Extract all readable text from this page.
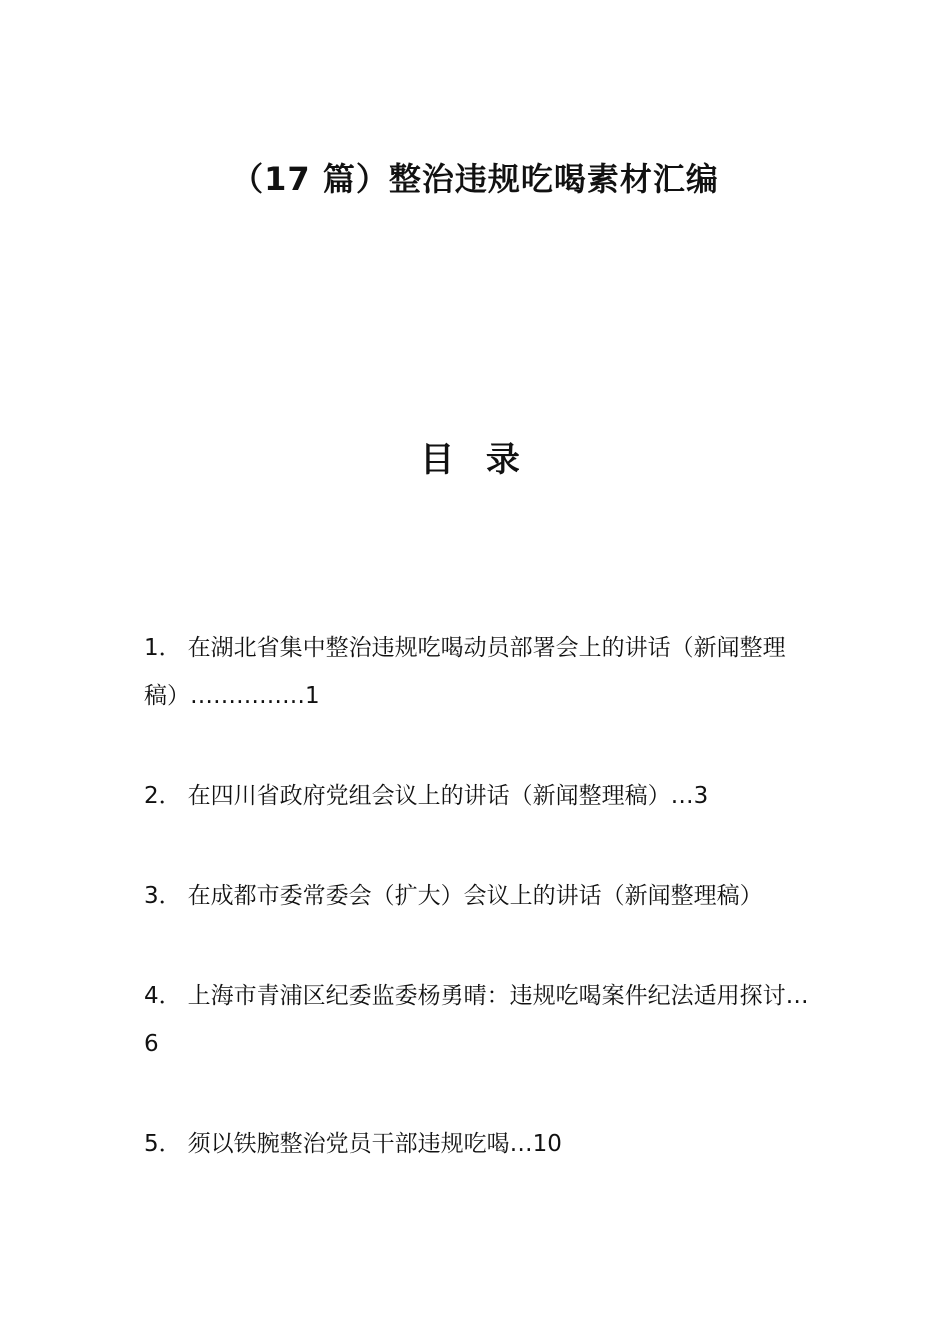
（17 篇）整治违规吃喝素材汇编
目 录
1． 在湖北省集中整治违规吃喝动员部署会上的讲话（新闻整理稿）……………1
2． 在四川省政府党组会议上的讲话（新闻整理稿）…3
3． 在成都市委常委会（扩大）会议上的讲话（新闻整理稿）
4． 上海市青浦区纪委监委杨勇晴：违规吃喝案件纪法适用探讨…6
5． 须以铁腕整治党员干部违规吃喝…10
